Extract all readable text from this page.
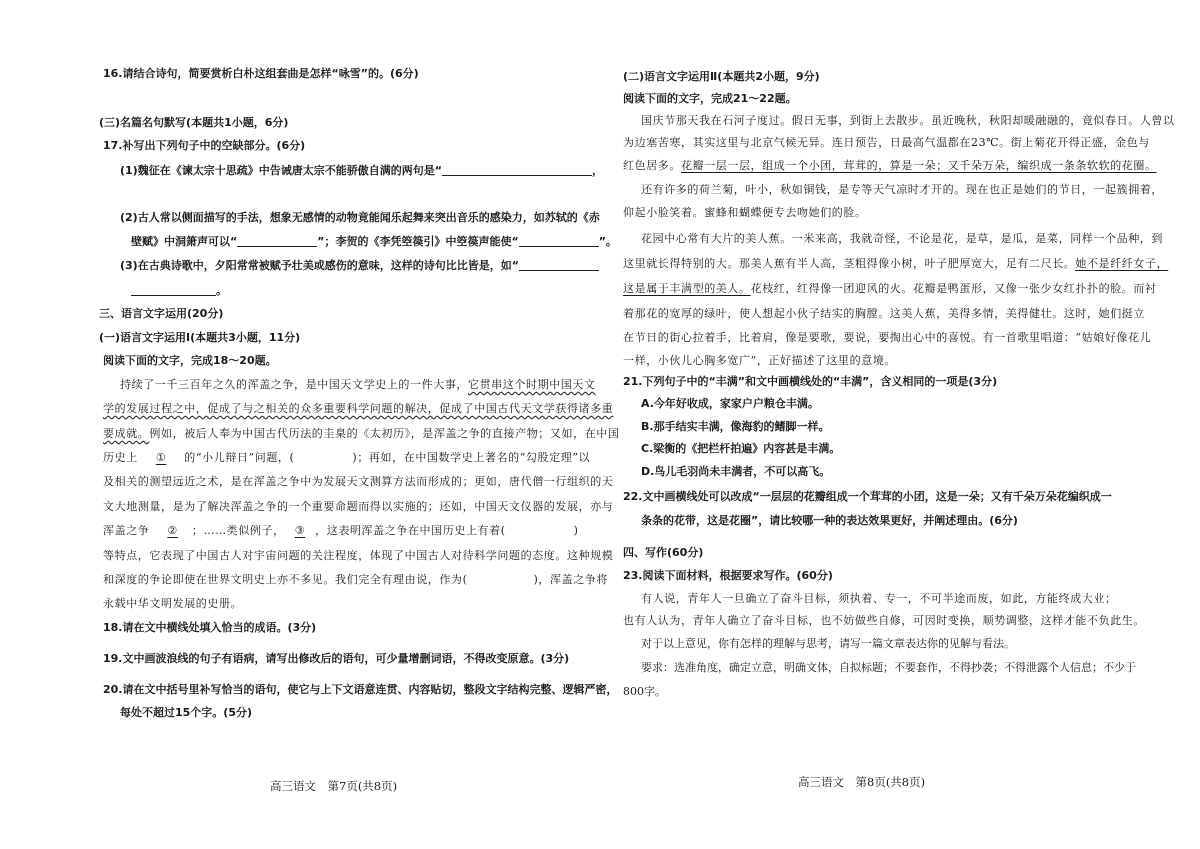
16.请结合诗句，简要赏析白朴这组套曲是怎样“咏雪”的。(6分)
(三)名篇名句默写(本题共1小题，6分)
17.补写出下列句子中的空缺部分。(6分)
(1)魏征在《谏太宗十思疏》中告诫唐太宗不能骄傲自满的两句是“	，
(2)古人常以侧面描写的手法，想象无感情的动物竟能闻乐起舞来突出音乐的感染力，如苏轼的《赤
壁赋》中洞箫声可以“	”；李贺的《李凭箜篌引》中箜篌声能使“	”。
(3)在古典诗歌中，夕阳常常被赋予壮美或感伤的意味，这样的诗句比比皆是，如“
。
三、语言文字运用(20分)
(一)语言文字运用Ⅰ(本题共3小题，11分)
阅读下面的文字，完成18～20题。
持续了一千三百年之久的浑盖之争，是中国天文学史上的一件大事，它贯串这个时期中国天文
学的发展过程之中，促成了与之相关的众多重要科学问题的解决，促成了中国古代天文学获得诸多重
要成就。例如，被后人奉为中国古代历法的圭臬的《太初历》，是浑盖之争的直接产物；又如，在中国
历史上 ① 的“小儿辩日”问题，(	)；再如，在中国数学史上著名的“勾股定理”以
及相关的测望远近之术，是在浑盖之争中为发展天文测算方法而形成的；更如，唐代僧一行组织的天
文大地测量，是为了解决浑盖之争的一个重要命题而得以实施的；还如，中国天文仪器的发展，亦与
浑盖之争 ② ；……类似例子， ③ ，这表明浑盖之争在中国历史上有着(	)
等特点，它表现了中国古人对宇宙问题的关注程度，体现了中国古人对待科学问题的态度。这种规模
和深度的争论即使在世界文明史上亦不多见。我们完全有理由说，作为(	)，浑盖之争将
永载中华文明发展的史册。
18.请在文中横线处填入恰当的成语。(3分)
19.文中画波浪线的句子有语病，请写出修改后的语句，可少量增删词语，不得改变原意。(3分)
20.请在文中括号里补写恰当的语句，使它与上下文语意连贯、内容贴切，整段文字结构完整、逻辑严密，
每处不超过15个字。(5分)
高三语文　第7页(共8页)
(二)语言文字运用Ⅱ(本题共2小题，9分)
阅读下面的文字，完成21～22题。
国庆节那天我在石河子度过。假日无事，到街上去散步。虽近晚秋，秋阳却暖融融的，竟似春日。人曾以
为边塞苦寒，其实这里与北京气候无异。连日预告，日最高气温都在23℃。街上菊花开得正盛，金色与
红色居多。花瓣一层一层，组成一个小团，茸茸的，算是一朵；又千朵万朵，编织成一条条软软的花圈。
还有许多的荷兰菊，叶小，秋如铜钱，是专等天气凉时才开的。现在也正是她们的节日，一起簇拥着，
仰起小脸笑着。蜜蜂和蝴蝶便专去吻她们的脸。
花园中心常有大片的美人蕉。一米来高，我就奇怪，不论是花，是草，是瓜，是菜，同样一个品种，到
这里就长得特别的大。那美人蕉有半人高，茎粗得像小树，叶子肥厚宽大，足有二尺长。她不是纤纤女子，
这是属于丰满型的美人。花枝红，红得像一团迎风的火。花瓣是鸭蛋形，又像一张少女红扑扑的脸。而衬
着那花的宽厚的绿叶，使人想起小伙子结实的胸膛。这美人蕉，美得多情，美得健壮。这时，她们挺立
在节日的街心拉着手，比着肩，像是要歌，要说，要掏出心中的喜悦。有一首歌里唱道：“姑娘好像花儿
一样，小伙儿心胸多宽广”，正好描述了这里的意境。
21.下列句子中的“丰满”和文中画横线处的“丰满”，含义相同的一项是(3分)
A.今年好收成，家家户户粮仓丰满。
B.那手结实丰满，像海豹的鳍脚一样。
C.梁衡的《把栏杆拍遍》内容甚是丰满。
D.鸟儿毛羽尚未丰满者，不可以高飞。
22.文中画横线处可以改成“一层层的花瓣组成一个茸茸的小团，这是一朵；又有千朵万朵花编织成一
条条的花带，这是花圈”，请比较哪一种的表达效果更好，并阐述理由。(6分)
四、写作(60分)
23.阅读下面材料，根据要求写作。(60分)
有人说，青年人一旦确立了奋斗目标，须执着、专一，不可半途而废，如此，方能终成大业；
也有人认为，青年人确立了奋斗目标，也不妨做些自修，可因时变换，顺势调整，这样才能不负此生。
对于以上意见，你有怎样的理解与思考，请写一篇文章表达你的见解与看法。
要求：选准角度，确定立意，明确文体，自拟标题；不要套作，不得抄袭；不得泄露个人信息；不少于
800字。
高三语文　第8页(共8页)
